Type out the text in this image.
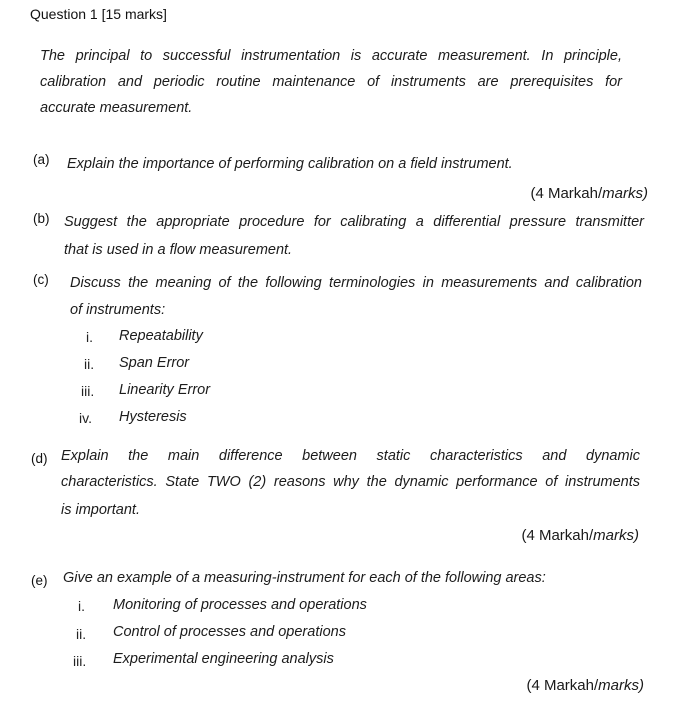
Question 1 [15 marks]
The principal to successful instrumentation is accurate measurement. In principle,
calibration and periodic routine maintenance of instruments are prerequisites for
accurate measurement.
(a) Explain the importance of performing calibration on a field instrument.
(4 Markah/marks)
(b) Suggest the appropriate procedure for calibrating a differential pressure transmitter
that is used in a flow measurement.
(c) Discuss the meaning of the following terminologies in measurements and calibration
of instruments:
i. Repeatability
ii. Span Error
iii. Linearity Error
iv. Hysteresis
(d) Explain the main difference between static characteristics and dynamic
characteristics. State TWO (2) reasons why the dynamic performance of instruments
is important.
(4 Markah/marks)
(e) Give an example of a measuring-instrument for each of the following areas:
i. Monitoring of processes and operations
ii. Control of processes and operations
iii. Experimental engineering analysis
(4 Markah/marks)
